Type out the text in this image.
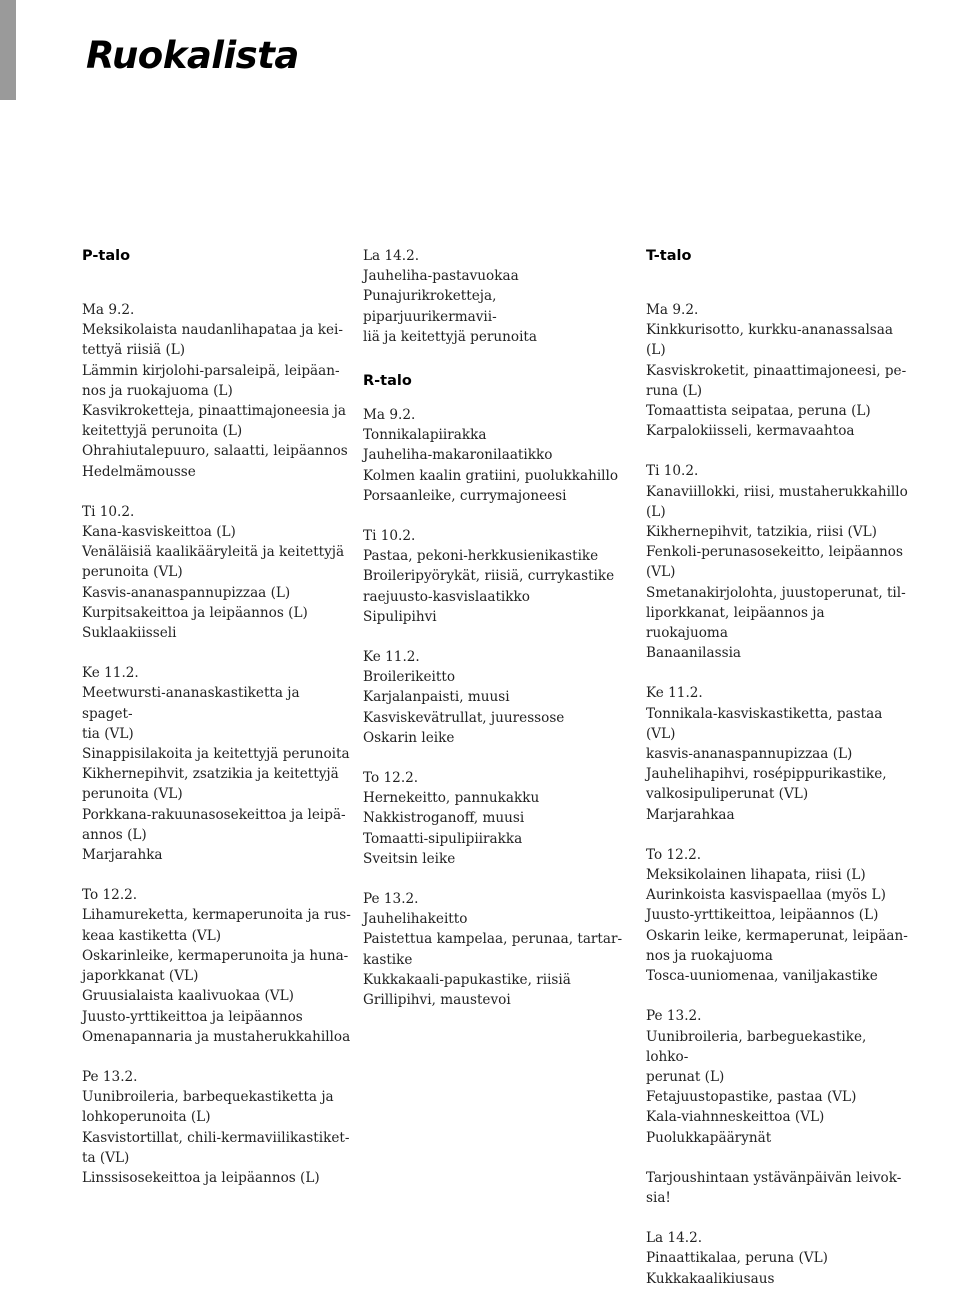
Ruokalista
P-talo

Ma 9.2.

Meksikolaista naudanlihapataa ja kei-

tettyä riisiä (L)

Lämmin kirjolohi-parsaleipä, leipäan-

nos ja ruokajuoma (L)

Kasvikroketteja, pinaattimajoneesia ja

keitettyjä perunoita (L)

Ohrahiutalepuuro, salaatti, leipäannos

Hedelmämousse

Ti 10.2.

Kana-kasviskeittoa (L)

Venäläisiä kaalikääryleitä ja keitettyjä

perunoita (VL)

Kasvis-ananaspannupizzaa (L)

Kurpitsakeittoa ja leipäannos (L)

Suklaakiisseli

Ke 11.2.

Meetwursti-ananaskastiketta ja spaget-

tia (VL)

Sinappisilakoita ja keitettyjä perunoita

Kikhernepihvit, zsatzikia ja keitettyjä

perunoita (VL)

Porkkana-rakuunasosekeittoa ja leipä-

annos (L)

Marjarahka

To 12.2.

Lihamureketta, kermaperunoita ja rus-

keaa kastiketta (VL)

Oskarinleike, kermaperunoita ja huna-

japorkkanat (VL)

Gruusialaista kaalivuokaa (VL)

Juusto-yrttikeittoa ja leipäannos

Omenapannaria ja mustaherukkahilloa

Pe 13.2.

Uunibroileria, barbequekastiketta ja

lohkoperunoita (L)

Kasvistortillat, chili-kermaviilikastiket-

ta (VL)

Linssisosekeittoa ja leipäannos (L)

La 14.2.

Jauheliha-pastavuokaa

Punajurikroketteja, piparjuurikermavii-

liä ja keitettyjä perunoita

R-talo

Ma 9.2.

Tonnikalapiirakka

Jauheliha-makaronilaatikko

Kolmen kaalin gratiini, puolukkahillo

Porsaanleike, currymajoneesi

Ti 10.2.

Pastaa, pekoni-herkkusienikastike

Broileripyörykät, riisiä, currykastike

raejuusto-kasvislaatikko

Sipulipihvi

Ke 11.2.

Broilerikeitto

Karjalanpaisti, muusi

Kasviskevätrullat, juuressose

Oskarin leike

To 12.2.

Hernekeitto, pannukakku

Nakkistroganoff, muusi

Tomaatti-sipulipiirakka

Sveitsin leike

Pe 13.2.

Jauhelihakeitto

Paistettua kampelaa, perunaa, tartar-

kastike

Kukkakaali-papukastike, riisiä

Grillipihvi, maustevoi

T-talo

Ma 9.2.

Kinkkurisotto, kurkku-ananassalsaa (L)

Kasviskroketit, pinaattimajoneesi, pe-

runa (L)

Tomaattista seipataa, peruna (L)

Karpalokiisseli, kermavaahtoa

Ti 10.2.

Kanaviillokki, riisi, mustaherukkahillo

(L)

Kikhernepihvit, tatzikia, riisi (VL)

Fenkoli-perunasosekeitto, leipäannos

(VL)

Smetanakirjolohta, juustoperunat, til-

liporkkanat, leipäannos ja ruokajuoma

Banaanilassia

Ke 11.2.

Tonnikala-kasviskastiketta, pastaa (VL)

kasvis-ananaspannupizzaa (L)

Jauhelihapihvi, rosépippurikastike,

valkosipuliperunat (VL)

Marjarahkaa

To 12.2.

Meksikolainen lihapata, riisi (L)

Aurinkoista kasvispaellaa (myös L)

Juusto-yrttikeittoa, leipäannos (L)

Oskarin leike, kermaperunat, leipäan-

nos ja ruokajuoma

Tosca-uuniomenaa, vaniljakastike

Pe 13.2.

Uunibroileria, barbeguekastike, lohko-

perunat (L)

Fetajuustopastike, pastaa (VL)

Kala-viahnneskeittoa (VL)

Puolukkapäärynät

Tarjoushintaan ystävänpäivän leivok-

sia!

La 14.2.

Pinaattikalaa, peruna (VL)

Kukkakaalikiusaus
